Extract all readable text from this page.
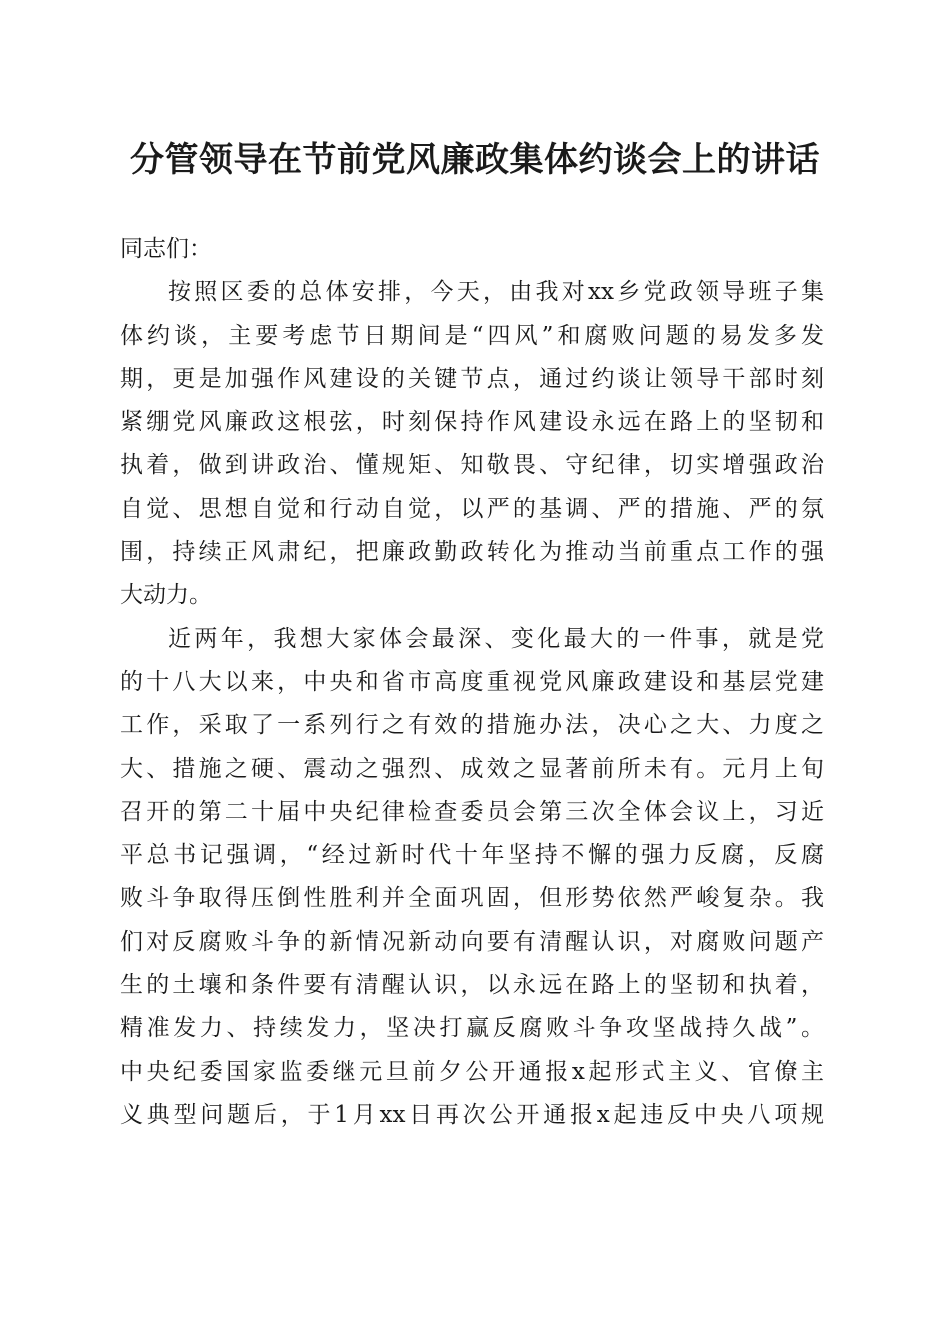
分管领导在节前党风廉政集体约谈会上的讲话
同志们：
按照区委的总体安排，今天，由我对xx乡党政领导班子集
体约谈，主要考虑节日期间是“四风”和腐败问题的易发多发
期，更是加强作风建设的关键节点，通过约谈让领导干部时刻
紧绷党风廉政这根弦，时刻保持作风建设永远在路上的坚韧和
执着，做到讲政治、懂规矩、知敬畏、守纪律，切实增强政治
自觉、思想自觉和行动自觉，以严的基调、严的措施、严的氛
围，持续正风肃纪，把廉政勤政转化为推动当前重点工作的强
大动力。
近两年，我想大家体会最深、变化最大的一件事，就是党
的十八大以来，中央和省市高度重视党风廉政建设和基层党建
工作，采取了一系列行之有效的措施办法，决心之大、力度之
大、措施之硬、震动之强烈、成效之显著前所未有。元月上旬
召开的第二十届中央纪律检查委员会第三次全体会议上，习近
平总书记强调，“经过新时代十年坚持不懈的强力反腐，反腐
败斗争取得压倒性胜利并全面巩固，但形势依然严峻复杂。我
们对反腐败斗争的新情况新动向要有清醒认识，对腐败问题产
生的土壤和条件要有清醒认识，以永远在路上的坚韧和执着，
精准发力、持续发力，坚决打赢反腐败斗争攻坚战持久战”。
中央纪委国家监委继元旦前夕公开通报x起形式主义、官僚主
义典型问题后，于1月xx日再次公开通报x起违反中央八项规
